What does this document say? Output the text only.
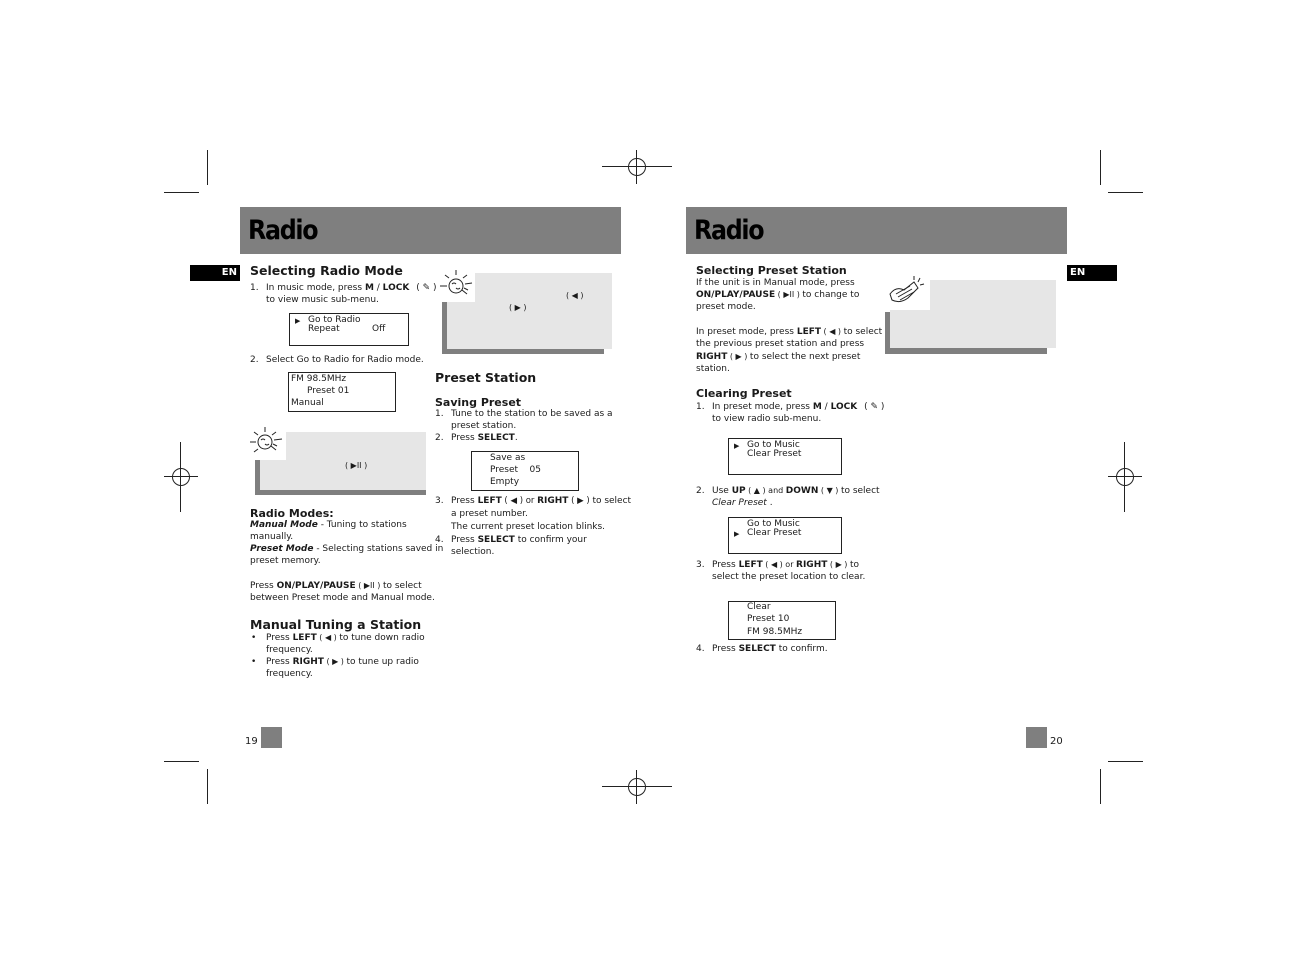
Radio
EN Selecting Radio Mode
1. In music mode, press M / LOCK ( ✎ )
to view music sub-menu.
▶ Go to Radio
Repeat	Off
2. Select Go to Radio for Radio mode.
FM 98.5MHz
Preset 01
Manual
( ▶II )
Radio Modes:
Manual Mode - Tuning to stations
manually.
Preset Mode - Selecting stations saved in
preset memory.
Press ON/PLAY/PAUSE ( ▶II ) to select
between Preset mode and Manual mode.
Manual Tuning a Station
• Press LEFT ( ◀ ) to tune down radio
frequency.
• Press RIGHT ( ▶ ) to tune up radio
frequency.
( ◀ )
( ▶ )
Preset Station
Saving Preset
1. Tune to the station to be saved as a
preset station.
2. Press SELECT.
Save as
Preset    05
Empty
3. Press LEFT ( ◀ ) or RIGHT ( ▶ ) to select
a preset number.
The current preset location blinks.
4. Press SELECT to confirm your
selection.
19
Radio
EN
Selecting Preset Station
If the unit is in Manual mode, press
ON/PLAY/PAUSE ( ▶II ) to change to
preset mode.
In preset mode, press LEFT ( ◀ ) to select
the previous preset station and press
RIGHT ( ▶ ) to select the next preset
station.
Clearing Preset
1. In preset mode, press M / LOCK ( ✎ )
to view radio sub-menu.
▶ Go to Music
Clear Preset
2. Use UP ( ▲ ) and DOWN ( ▼ ) to select
Clear Preset .
Go to Music
▶ Clear Preset
3. Press LEFT ( ◀ ) or RIGHT ( ▶ ) to
select the preset location to clear.
Clear
Preset 10
FM 98.5MHz
4. Press SELECT to confirm.
20
